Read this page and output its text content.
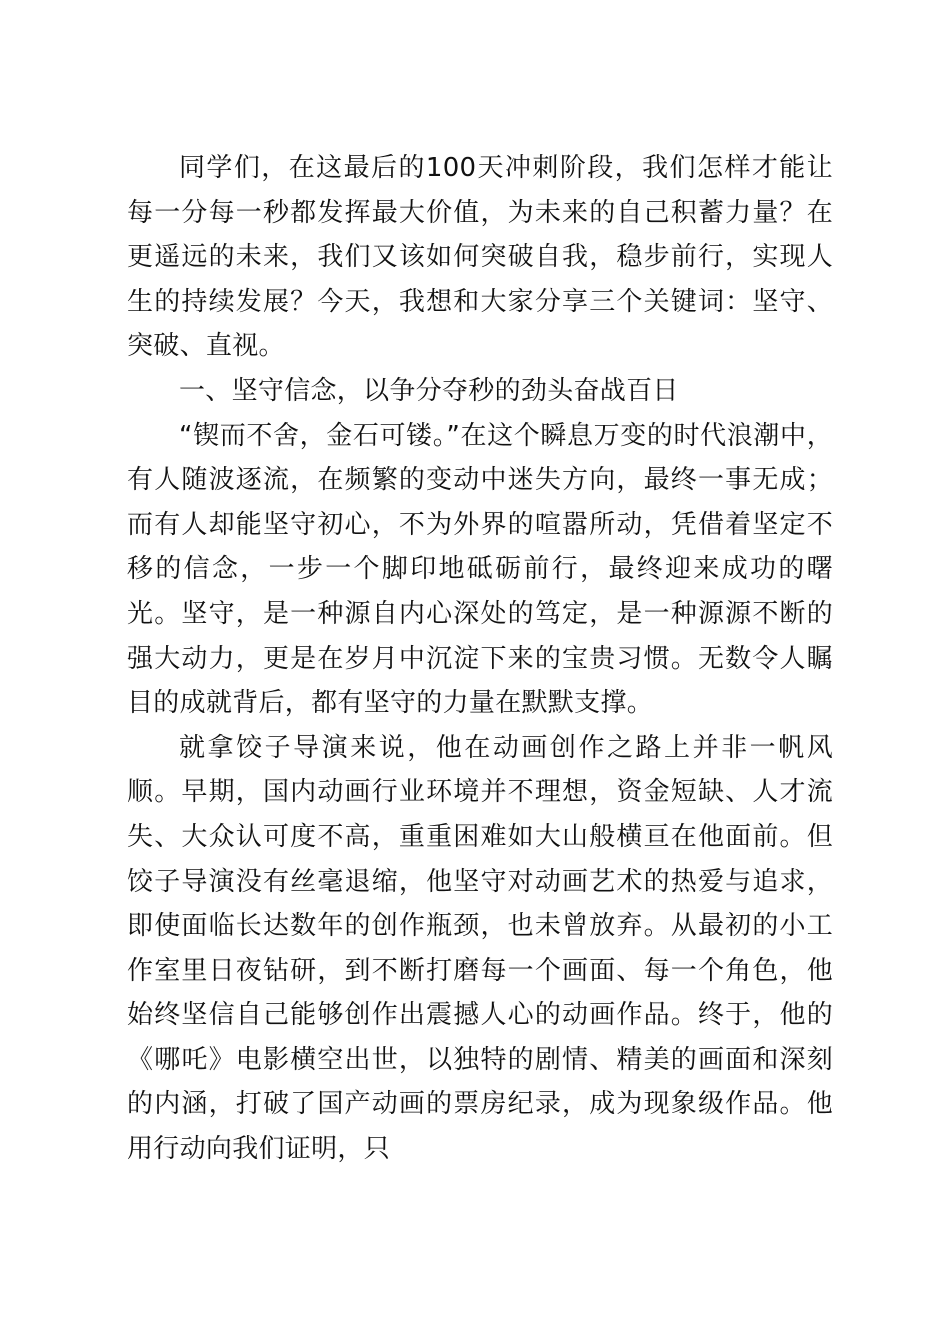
同学们，在这最后的100天冲刺阶段，我们怎样才能让每一分每一秒都发挥最大价值，为未来的自己积蓄力量？在更遥远的未来，我们又该如何突破自我，稳步前行，实现人生的持续发展？今天，我想和大家分享三个关键词：坚守、突破、直视。

一、坚守信念，以争分夺秒的劲头奋战百日

“锲而不舍，金石可镂。”在这个瞬息万变的时代浪潮中，有人随波逐流，在频繁的变动中迷失方向，最终一事无成；而有人却能坚守初心，不为外界的喧嚣所动，凭借着坚定不移的信念，一步一个脚印地砥砺前行，最终迎来成功的曙光。坚守，是一种源自内心深处的笃定，是一种源源不断的强大动力，更是在岁月中沉淀下来的宝贵习惯。无数令人瞩目的成就背后，都有坚守的力量在默默支撑。

就拿饺子导演来说，他在动画创作之路上并非一帆风顺。早期，国内动画行业环境并不理想，资金短缺、人才流失、大众认可度不高，重重困难如大山般横亘在他面前。但饺子导演没有丝毫退缩，他坚守对动画艺术的热爱与追求，即使面临长达数年的创作瓶颈，也未曾放弃。从最初的小工作室里日夜钻研，到不断打磨每一个画面、每一个角色，他始终坚信自己能够创作出震撼人心的动画作品。终于，他的《哪吒》电影横空出世，以独特的剧情、精美的画面和深刻的内涵，打破了国产动画的票房纪录，成为现象级作品。他用行动向我们证明，只
